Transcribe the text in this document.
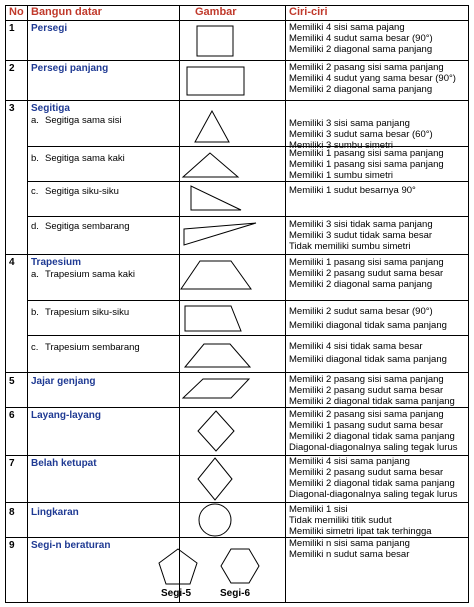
No Bangun datar	Gambar	Ciri-ciri
1 Persegi	Memiliki 4 sisi sama pajang
Memiliki 4 sudut sama besar (90°)
Memiliki 2 diagonal sama panjang
2 Persegi panjang	Memiliki 2 pasang sisi sama panjang
Memiliki 4 sudut yang sama besar (90°)
Memiliki 2 diagonal sama panjang
3 Segitiga
a. Segitiga sama sisi	Memiliki 3 sisi sama panjang
Memiliki 3 sudut sama besar (60°)
Memiliki 3 sumbu simetri
b. Segitiga sama kaki	Memiliki 1 pasang sisi sama panjang
Memiliki 1 pasang sisi sama panjang
Memiliki 1 sumbu simetri
c. Segitiga siku-siku	Memiliki 1 sudut besarnya 90°
d. Segitiga sembarang	Memiliki 3 sisi tidak sama panjang
Memiliki 3 sudut tidak sama besar
Tidak memiliki sumbu simetri
4 Trapesium
a. Trapesium sama kaki
Memiliki 1 pasang sisi sama panjang
Memiliki 2 pasang sudut sama besar
Memiliki 2 diagonal sama panjang
b. Trapesium siku-siku	Memiliki 2 sudut sama besar (90°)
Memiliki diagonal tidak sama panjang
c. Trapesium sembarang	Memiliki 4 sisi tidak sama besar
Memiliki diagonal tidak sama panjang
5 Jajar genjang	Memiliki 2 pasang sisi sama panjang
Memiliki 2 pasang sudut sama besar
Memiliki 2 diagonal tidak sama panjang
6 Layang-layang	Memiliki 2 pasang sisi sama panjang
Memiliki 1 pasang sudut sama besar
Memiliki 2 diagonal tidak sama panjang
Diagonal-diagonalnya saling tegak lurus
7 Belah ketupat	Memiliki 4 sisi sama panjang
Memiliki 2 pasang sudut sama besar
Memiliki 2 diagonal tidak sama panjang
Diagonal-diagonalnya saling tegak lurus
8 Lingkaran	Memiliki 1 sisi
Tidak memiliki titik sudut
Memiliki simetri lipat tak terhingga
9 Segi-n beraturan	Memiliki n sisi sama panjang
Memiliki n sudut sama besar
Segi-5	Segi-6
